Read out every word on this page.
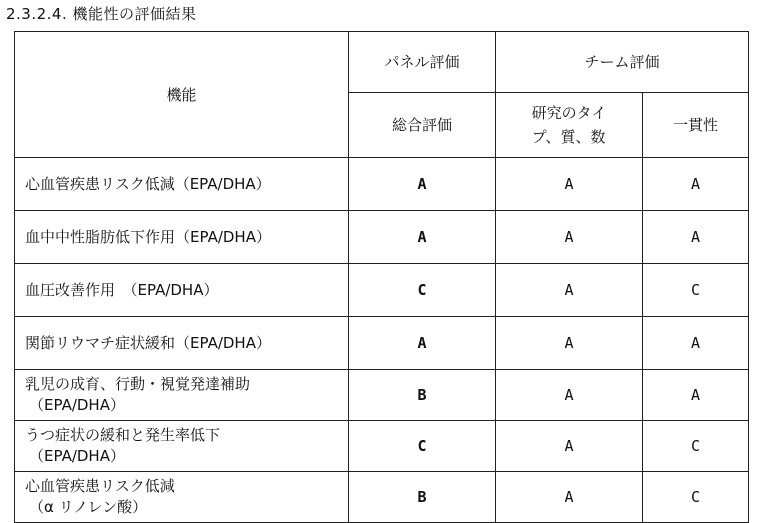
2.3.2.4. 機能性の評価結果
機能	パネル評価	チーム評価	
	総合評価	研究のタイ
プ、質、数	一貫性

心血管疾患リスク低減（EPA/DHA）	A	A	A

血中中性脂肪低下作用（EPA/DHA）	A	A	A

血圧改善作用　（EPA/DHA）	C	A	C

関節リウマチ症状緩和（EPA/DHA）	A	A	A

乳児の成育、行動・視覚発達補助
（EPA/DHA）	B	A	A

うつ症状の緩和と発生率低下
（EPA/DHA）	C	A	C

心血管疾患リスク低減
（α リノレン酸）	B	A	C
